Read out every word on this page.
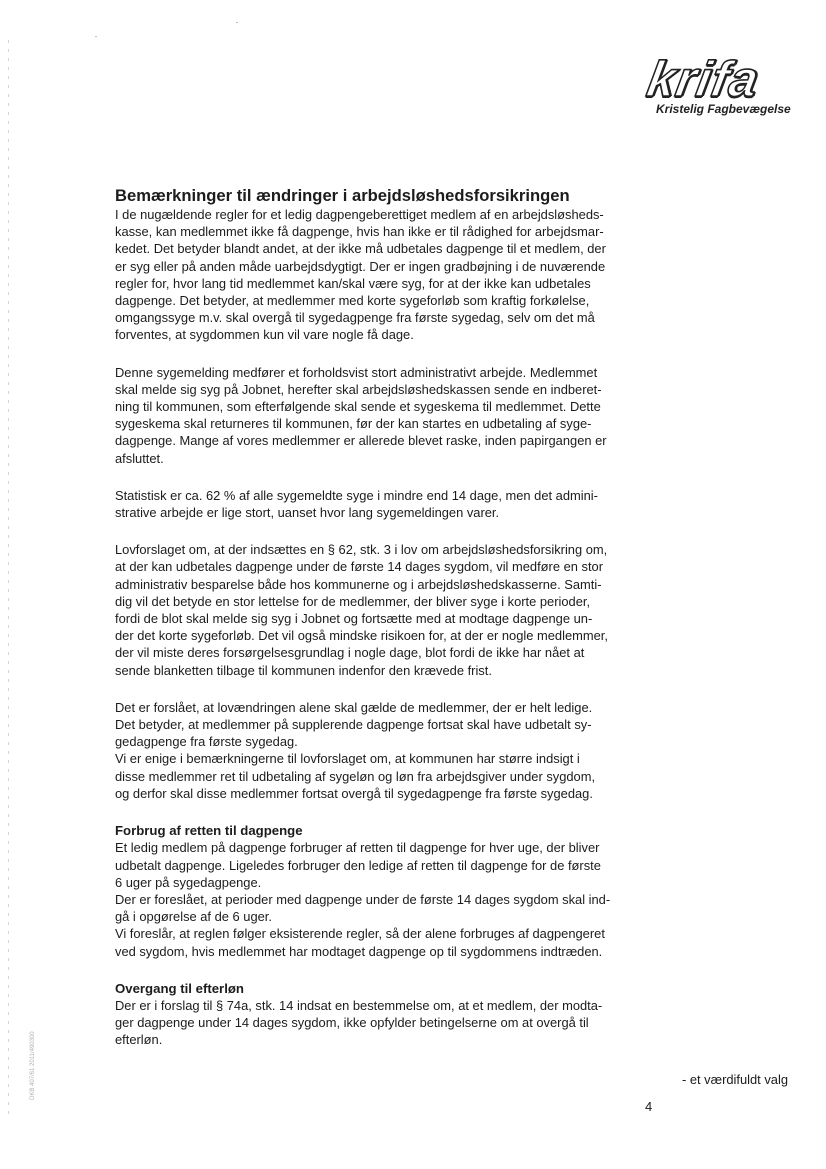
krifa
Kristelig Fagbevægelse
Bemærkninger til ændringer i arbejdsløshedsforsikringen
I de nugældende regler for et ledig dagpengeberettiget medlem af en arbejdsløsheds-
kasse, kan medlemmet ikke få dagpenge, hvis han ikke er til rådighed for arbejdsmar-
kedet. Det betyder blandt andet, at der ikke må udbetales dagpenge til et medlem, der
er syg eller på anden måde uarbejdsdygtigt. Der er ingen gradbøjning i de nuværende
regler for, hvor lang tid medlemmet kan/skal være syg, for at der ikke kan udbetales
dagpenge. Det betyder, at medlemmer med korte sygeforløb som kraftig forkølelse,
omgangssyge m.v. skal overgå til sygedagpenge fra første sygedag, selv om det må
forventes, at sygdommen kun vil vare nogle få dage.
Denne sygemelding medfører et forholdsvist stort administrativt arbejde. Medlemmet
skal melde sig syg på Jobnet, herefter skal arbejdsløshedskassen sende en indberet-
ning til kommunen, som efterfølgende skal sende et sygeskema til medlemmet. Dette
sygeskema skal returneres til kommunen, før der kan startes en udbetaling af syge-
dagpenge. Mange af vores medlemmer er allerede blevet raske, inden papirgangen er
afsluttet.
Statistisk er ca. 62 % af alle sygemeldte syge i mindre end 14 dage, men det admini-
strative arbejde er lige stort, uanset hvor lang sygemeldingen varer.
Lovforslaget om, at der indsættes en § 62, stk. 3 i lov om arbejdsløshedsforsikring om,
at der kan udbetales dagpenge under de første 14 dages sygdom, vil medføre en stor
administrativ besparelse både hos kommunerne og i arbejdsløshedskasserne. Samti-
dig vil det betyde en stor lettelse for de medlemmer, der bliver syge i korte perioder,
fordi de blot skal melde sig syg i Jobnet og fortsætte med at modtage dagpenge un-
der det korte sygeforløb. Det vil også mindske risikoen for, at der er nogle medlemmer,
der vil miste deres forsørgelsesgrundlag i nogle dage, blot fordi de ikke har nået at
sende blanketten tilbage til kommunen indenfor den krævede frist.
Det er forslået, at lovændringen alene skal gælde de medlemmer, der er helt ledige.
Det betyder, at medlemmer på supplerende dagpenge fortsat skal have udbetalt sy-
gedagpenge fra første sygedag.
Vi er enige i bemærkningerne til lovforslaget om, at kommunen har større indsigt i
disse medlemmer ret til udbetaling af sygeløn og løn fra arbejdsgiver under sygdom,
og derfor skal disse medlemmer fortsat overgå til sygedagpenge fra første sygedag.
Forbrug af retten til dagpenge
Et ledig medlem på dagpenge forbruger af retten til dagpenge for hver uge, der bliver
udbetalt dagpenge. Ligeledes forbruger den ledige af retten til dagpenge for de første
6 uger på sygedagpenge.
Der er foreslået, at perioder med dagpenge under de første 14 dages sygdom skal ind-
gå i opgørelse af de 6 uger.
Vi foreslår, at reglen følger eksisterende regler, så der alene forbruges af dagpengeret
ved sygdom, hvis medlemmet har modtaget dagpenge op til sygdommens indtræden.
Overgang til efterløn
Der er i forslag til § 74a, stk. 14 indsat en bestemmelse om, at et medlem, der modta-
ger dagpenge under 14 dages sygdom, ikke opfylder betingelserne om at overgå til
efterløn.
- et værdifuldt valg
4
DKB 407/61 2011/490300
